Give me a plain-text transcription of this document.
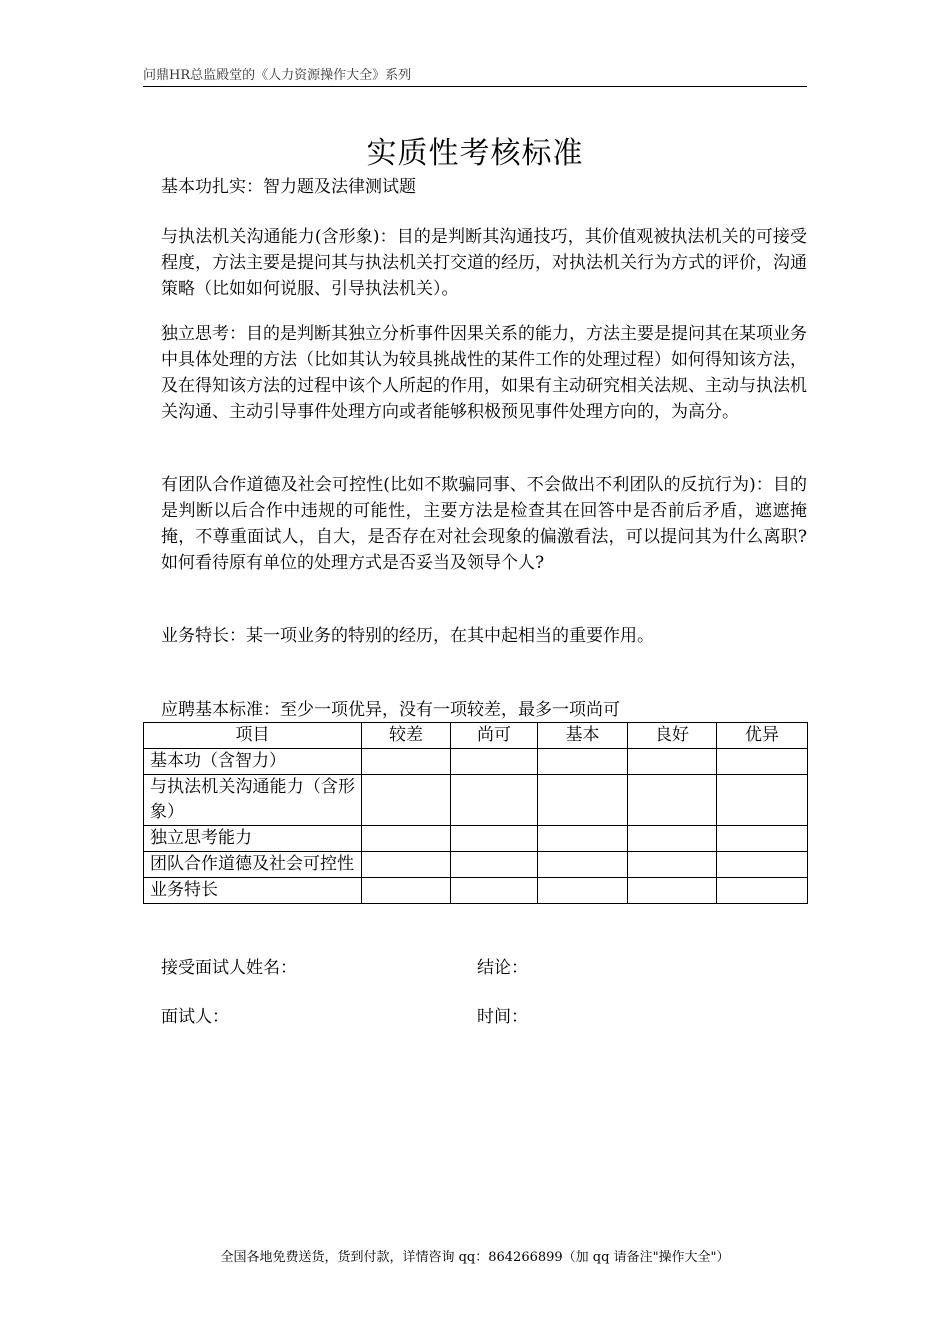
问鼎HR总监殿堂的《人力资源操作大全》系列
实质性考核标准
基本功扎实：智力题及法律测试题
与执法机关沟通能力(含形象)：目的是判断其沟通技巧，其价值观被执法机关的可接受程度，方法主要是提问其与执法机关打交道的经历，对执法机关行为方式的评价，沟通策略（比如如何说服、引导执法机关）。
独立思考：目的是判断其独立分析事件因果关系的能力，方法主要是提问其在某项业务中具体处理的方法（比如其认为较具挑战性的某件工作的处理过程）如何得知该方法，及在得知该方法的过程中该个人所起的作用，如果有主动研究相关法规、主动与执法机关沟通、主动引导事件处理方向或者能够积极预见事件处理方向的，为高分。
有团队合作道德及社会可控性(比如不欺骗同事、不会做出不利团队的反抗行为)：目的是判断以后合作中违规的可能性，主要方法是检查其在回答中是否前后矛盾，遮遮掩掩，不尊重面试人，自大，是否存在对社会现象的偏激看法，可以提问其为什么离职?如何看待原有单位的处理方式是否妥当及领导个人?
业务特长：某一项业务的特别的经历，在其中起相当的重要作用。
应聘基本标准：至少一项优异，没有一项较差，最多一项尚可
项目	较差	尚可	基本	良好	优异
基本功（含智力）					
与执法机关沟通能力（含形象）					
独立思考能力					
团队合作道德及社会可控性					
业务特长					
接受面试人姓名：	结论：
面试人：	时间：
全国各地免费送货，货到付款，详情咨询 qq：864266899（加 qq 请备注"操作大全"）
